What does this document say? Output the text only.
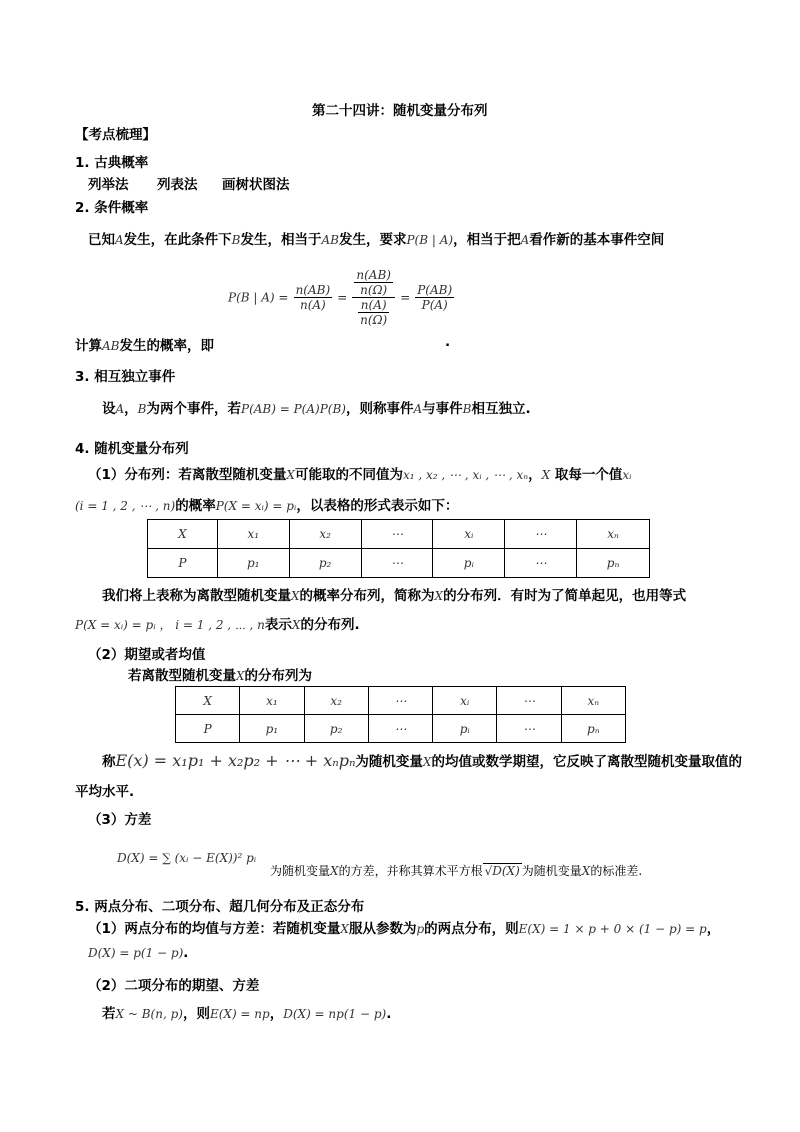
第二十四讲：随机变量分布列
【考点梳理】
1. 古典概率
列举法 列表法 画树状图法
2. 条件概率
已知A发生，在此条件下B发生，相当于AB发生，要求P(B | A)，相当于把A看作新的基本事件空间
P(B | $A) = \frac{n(AB)}{n(A)} = \frac{\frac{n(AB)}{n(\Omega)}}{\frac{n(A)}{n(\Omega)}} = \frac{P(AB)}{P(A)}$
计算AB发生的概率，即	.
3. 相互独立事件
设A，B为两个事件，若P(AB) = P(A)P(B)，则称事件A与事件B相互独立.
4. 随机变量分布列
（1）分布列：若离散型随机变量X可能取的不同值为x₁ , x₂ , ⋯ , xᵢ , ⋯ , xₙ，X 取每一个值xᵢ
(i = 1 , 2 , ⋯ , n)的概率P(X = xᵢ) = pᵢ，以表格的形式表示如下：
X	x₁	x₂	⋯	xᵢ	⋯	xₙ
P	p₁	p₂	⋯	pᵢ	⋯	pₙ
我们将上表称为离散型随机变量X的概率分布列，简称为X的分布列．有时为了简单起见，也用等式
P(X = xᵢ) = pᵢ ， i = 1 , 2 , ⋯ , n表示X的分布列.
（2）期望或者均值
若离散型随机变量X的分布列为
X	x₁	x₂	⋯	xᵢ	⋯	xₙ
P	p₁	p₂	⋯	pᵢ	⋯	pₙ
称E(x) = x₁p₁ + x₂p₂ + ⋯ + xₙpₙ为随机变量X的均值或数学期望，它反映了离散型随机变量取值的
平均水平.
（3）方差
D(X) = ∑ (xᵢ − E(X))² pᵢ
为随机变量X的方差，并称其算术平方根 √D(X) 为随机变量X的标准差.
5. 两点分布、二项分布、超几何分布及正态分布
（1）两点分布的均值与方差：若随机变量X服从参数为p的两点分布，则E(X) = 1 × p + 0 × (1 − p) = p，
D(X) = p(1 − p).
（2）二项分布的期望、方差
若X ~ B(n, p)，则E(X) = np，D(X) = np(1 − p).
